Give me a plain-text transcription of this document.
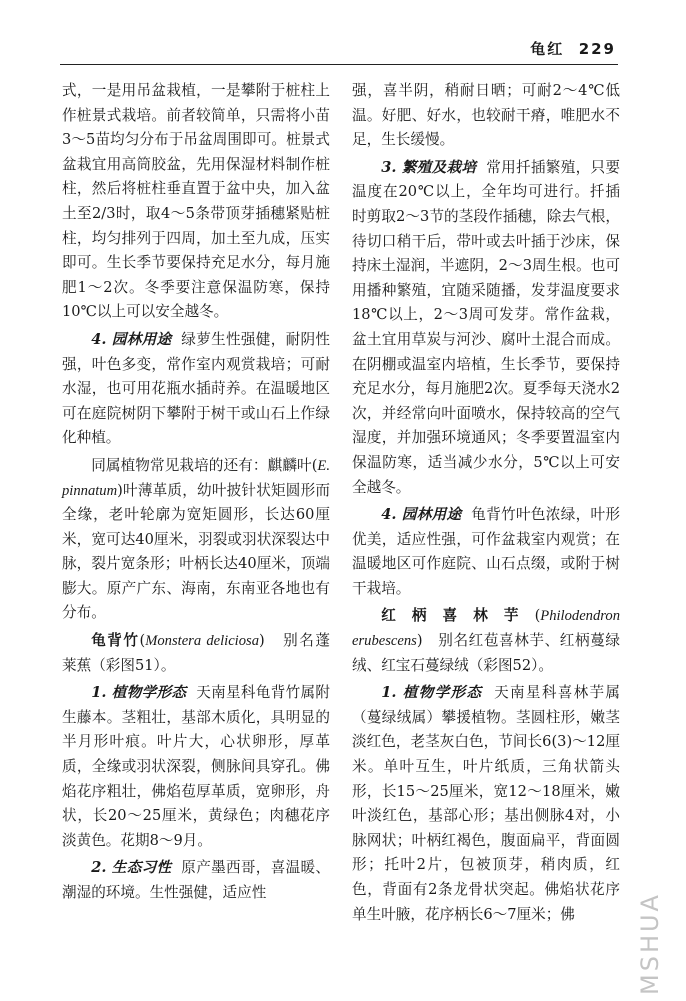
龟红 229

式，一是用吊盆栽植，一是攀附于桩柱上作桩景式栽培。前者较简单，只需将小苗3～5苗均匀分布于吊盆周围即可。桩景式盆栽宜用高筒胶盆，先用保湿材料制作桩柱，然后将桩柱垂直置于盆中央，加入盆土至2/3时，取4～5条带顶芽插穗紧贴桩柱，均匀排列于四周，加土至九成，压实即可。生长季节要保持充足水分，每月施肥1～2次。冬季要注意保温防寒，保持10℃以上可以安全越冬。

4. 园林用途 绿萝生性强健，耐阴性强，叶色多变，常作室内观赏栽培；可耐水湿，也可用花瓶水插莳养。在温暖地区可在庭院树阴下攀附于树干或山石上作绿化种植。

同属植物常见栽培的还有：麒麟叶(E. pinnatum)叶薄革质，幼叶披针状矩圆形而全缘，老叶轮廓为宽矩圆形，长达60厘米，宽可达40厘米，羽裂或羽状深裂达中脉，裂片宽条形；叶柄长达40厘米，顶端膨大。原产广东、海南，东南亚各地也有分布。

龟背竹(Monstera deliciosa)   别名蓬莱蕉（彩图51）。

1. 植物学形态 天南星科龟背竹属附生藤本。茎粗壮，基部木质化，具明显的半月形叶痕。叶片大，心状卵形，厚革质，全缘或羽状深裂，侧脉间具穿孔。佛焰花序粗壮，佛焰苞厚革质，宽卵形，舟状，长20～25厘米，黄绿色；肉穗花序淡黄色。花期8～9月。

2. 生态习性 原产墨西哥，喜温暖、潮湿的环境。生性强健，适应性

强，喜半阴，稍耐日晒；可耐2～4℃低温。好肥、好水，也较耐干瘠，唯肥水不足，生长缓慢。

3. 繁殖及栽培 常用扦插繁殖，只要温度在20℃以上，全年均可进行。扦插时剪取2～3节的茎段作插穗，除去气根，待切口稍干后，带叶或去叶插于沙床，保持床土湿润，半遮阴，2～3周生根。也可用播种繁殖，宜随采随播，发芽温度要求18℃以上，2～3周可发芽。常作盆栽，盆土宜用草炭与河沙、腐叶土混合而成。在阴棚或温室内培植，生长季节，要保持充足水分，每月施肥2次。夏季每天浇水2次，并经常向叶面喷水，保持较高的空气湿度，并加强环境通风；冬季要置温室内保温防寒，适当减少水分，5℃以上可安全越冬。

4. 园林用途 龟背竹叶色浓绿，叶形优美，适应性强，可作盆栽室内观赏；在温暖地区可作庭院、山石点缀，或附于树干栽培。

红柄喜林芋(Philodendron erubescens)   别名红苞喜林芋、红柄蔓绿绒、红宝石蔓绿绒（彩图52）。

1. 植物学形态 天南星科喜林芋属（蔓绿绒属）攀援植物。茎圆柱形，嫩茎淡红色，老茎灰白色，节间长6(3)～12厘米。单叶互生，叶片纸质，三角状箭头形，长15～25厘米，宽12～18厘米，嫩叶淡红色，基部心形；基出侧脉4对，小脉网状；叶柄红褐色，腹面扁平，背面圆形；托叶2片，包被顶芽，稍肉质，红色，背面有2条龙骨状突起。佛焰状花序单生叶腋，花序柄长6～7厘米；佛	MSHUA
